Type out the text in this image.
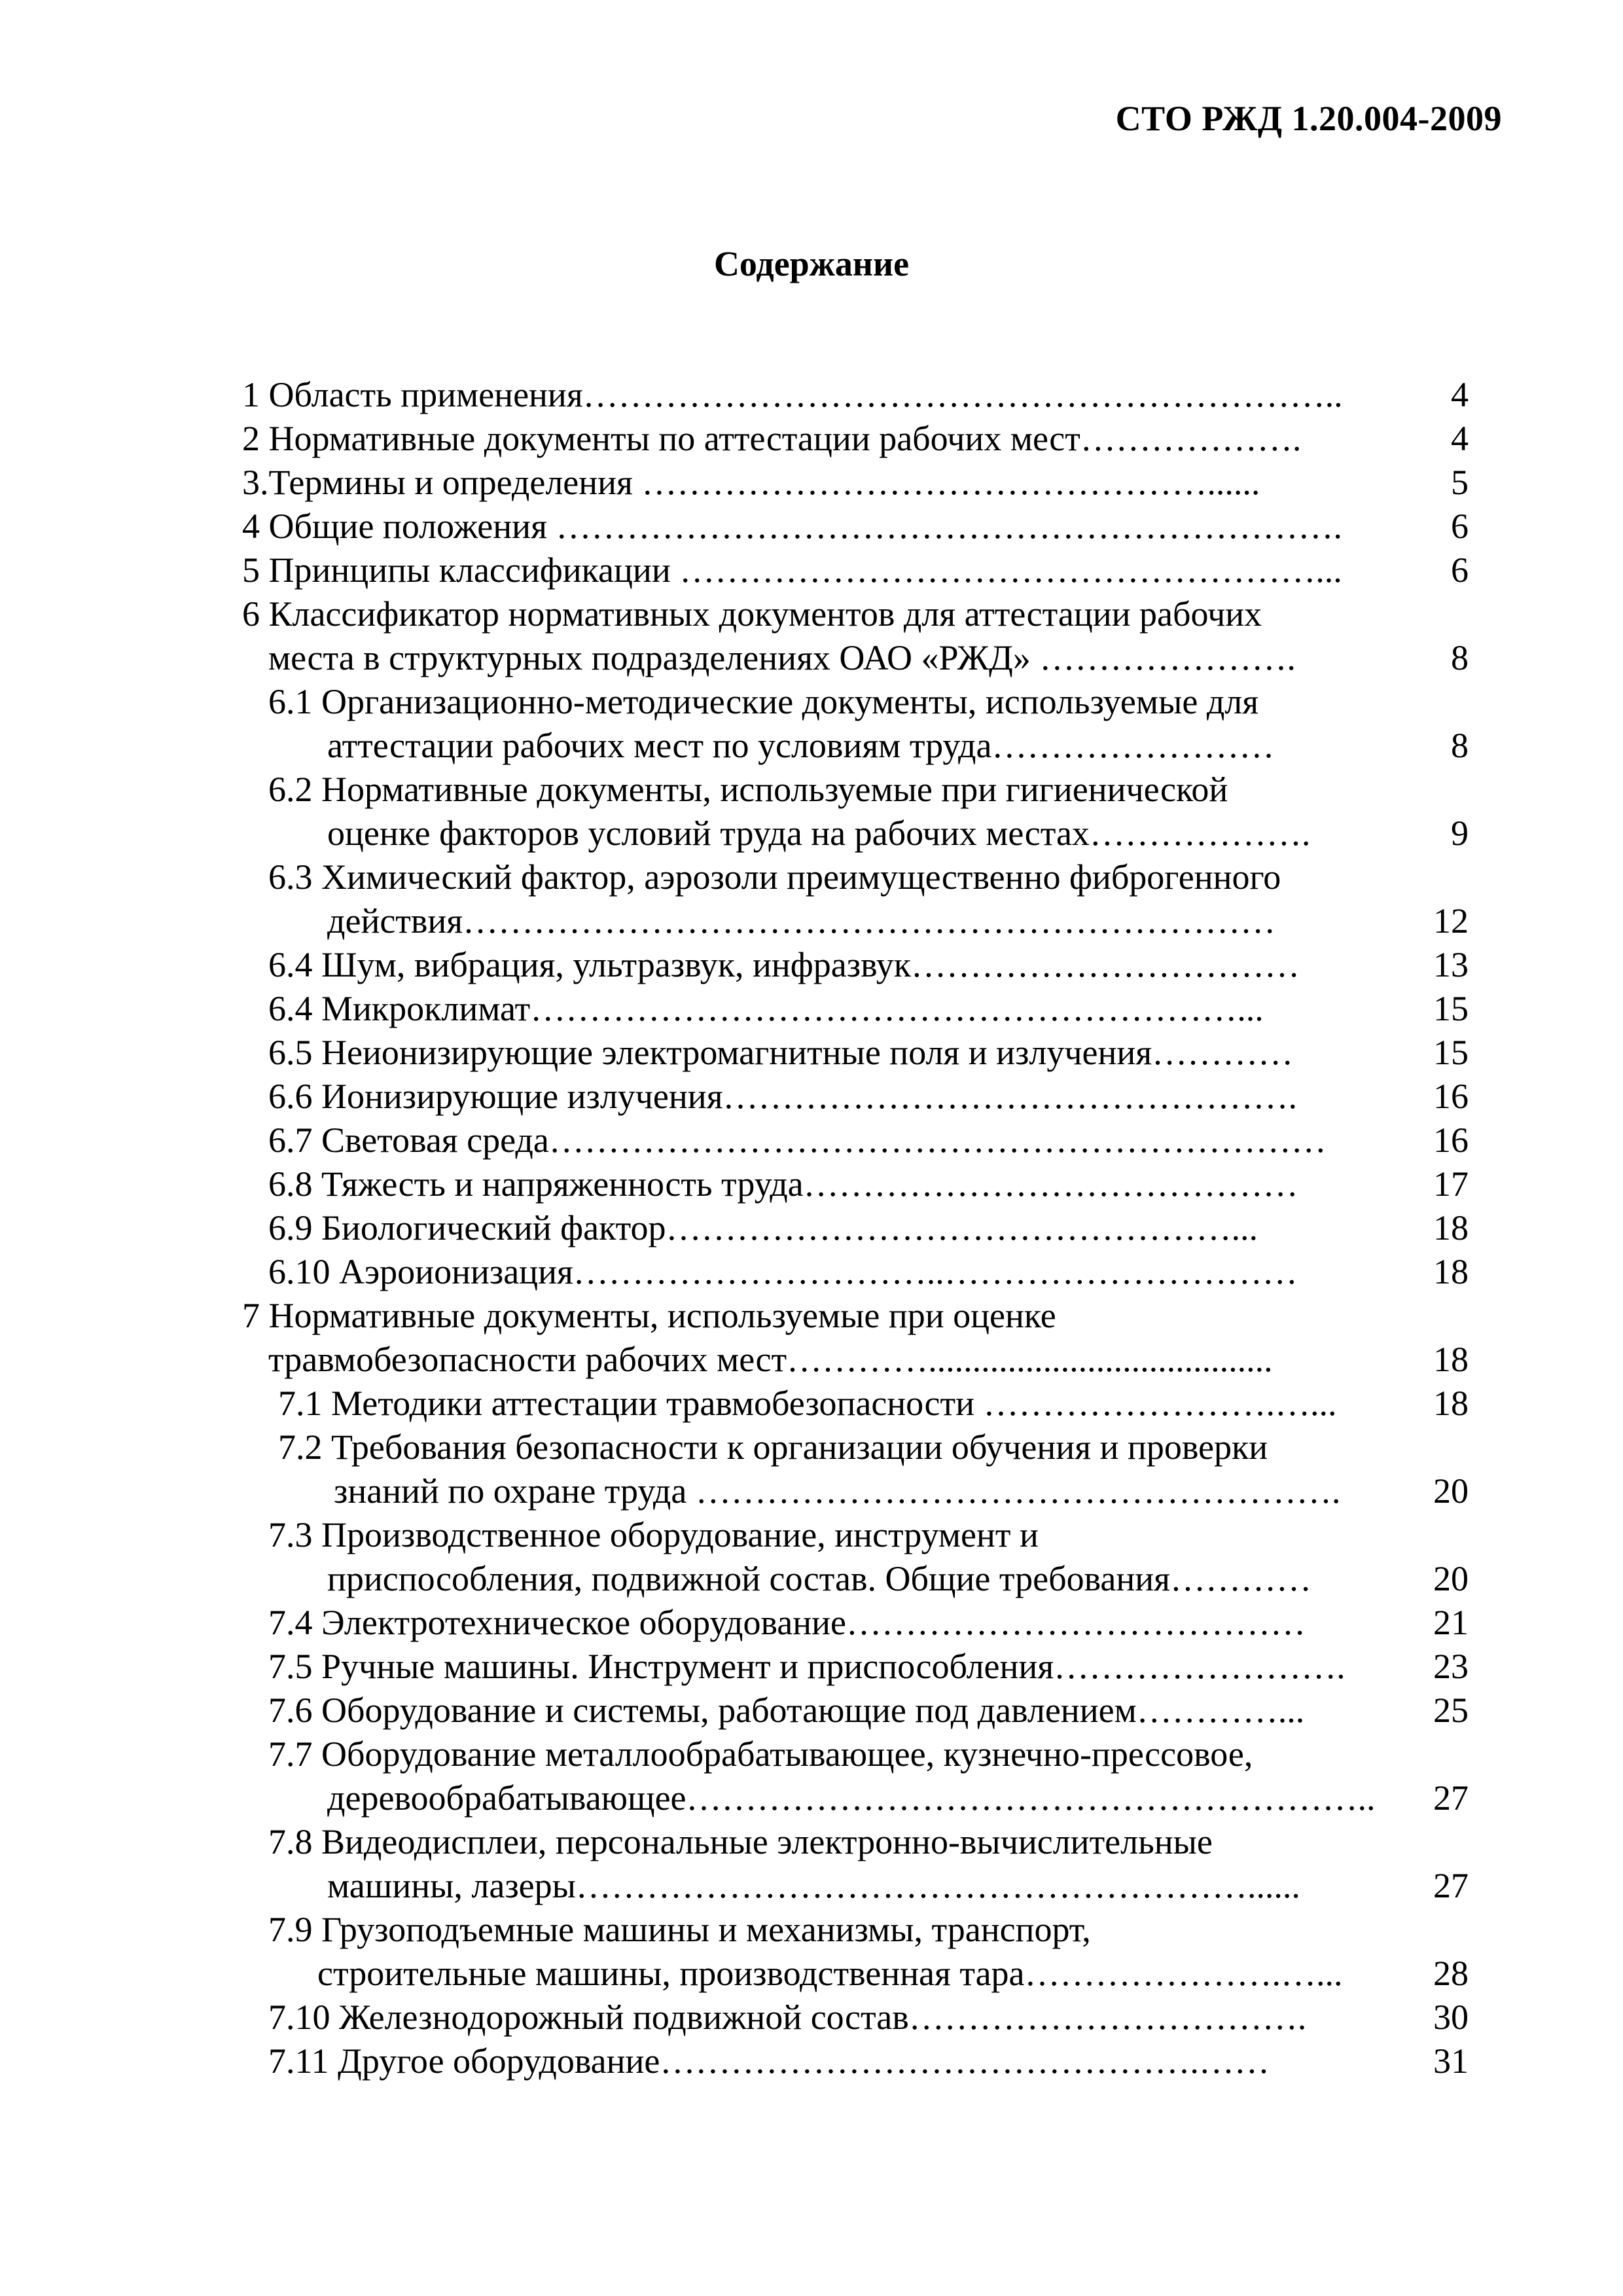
СТО РЖД 1.20.004-2009
Содержание
1 Область применения………………………………………………………..	4
2 Нормативные документы по аттестации рабочих мест……………….	4
3.Термины и определения …………………………………………......	5
4 Общие положения ………………………………………………………….	6
5 Принципы классификации ………………………………………………...	6
6 Классификатор нормативных документов для аттестации рабочих
места в структурных подразделениях ОАО «РЖД» ………………….	8
6.1 Организационно-методические документы, используемые для
аттестации рабочих мест по условиям труда……………………	8
6.2 Нормативные документы, используемые при гигиенической
оценке факторов условий труда на рабочих местах……………….	9
6.3 Химический фактор, аэрозоли преимущественно фиброгенного
действия……………………………………………………………	12
6.4 Шум, вибрация, ультразвук, инфразвук……………………………	13
6.4 Микроклимат……………………………………………………...	15
6.5 Неионизирующие электромагнитные поля и излучения…………	15
6.6 Ионизирующие излучения………………………………………….	16
6.7 Световая среда…………………………………………………………	16
6.8 Тяжесть и напряженность труда……………………………………	17
6.9 Биологический фактор…………………………………………...	18
6.10 Аэроионизация…………………………..…………………………	18
7 Нормативные документы, используемые при оценке
травмобезопасности рабочих мест………….......................................	18
7.1 Методики аттестации травмобезопасности …………………….…...	18
7.2 Требования безопасности к организации обучения и проверки
знаний по охране труда ……………………………………………….	20
7.3 Производственное оборудование, инструмент и
приспособления, подвижной состав. Общие требования…………	20
7.4 Электротехническое оборудование…………………………………	21
7.5 Ручные машины. Инструмент и приспособления……………………. 23
7.6 Оборудование и системы, работающие под давлением…………...	25
7.7 Оборудование металлообрабатывающее, кузнечно-прессовое,
деревообрабатывающее………………………………………………….. 27
7.8 Видеодисплеи, персональные электронно-вычислительные
машины, лазеры…………………………………………………......	27
7.9 Грузоподъемные машины и механизмы, транспорт,
строительные машины, производственная тара………………….…...	28
7.10 Железнодорожный подвижной состав…………………………….	30
7.11 Другое оборудование……………………………………….……	31
